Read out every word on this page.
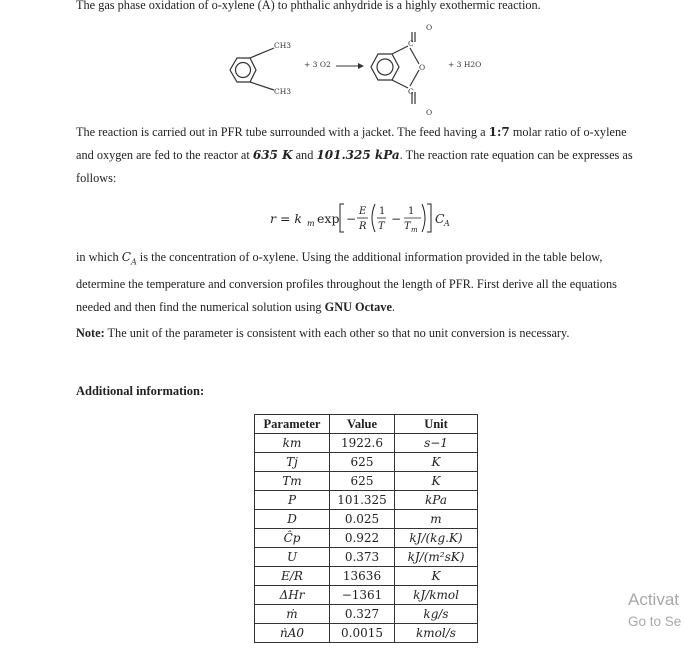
The gas phase oxidation of o-xylene (A) to phthalic anhydride is a highly exothermic reaction.
CH3
CH3
+ 3 O2
O
C
O
C
O
+ 3 H2O
The reaction is carried out in PFR tube surrounded with a jacket. The feed having a 1:7 molar ratio of o-xylene and oxygen are fed to the reactor at 635 K and 101.325 kPa. The reaction rate equation can be expresses as follows:
r = k m exp −
E
R
1
T
−
1
T m
C A
in which $C_A$ is the concentration of o-xylene. Using the additional information provided in the table below, determine the temperature and conversion profiles throughout the length of PFR. First derive all the equations needed and then find the numerical solution using GNU Octave.
Note: The unit of the parameter is consistent with each other so that no unit conversion is necessary.
Additional information:
Parameter	Value	Unit
km	1922.6	s−1
Tj	625	K
Tm	625	K
P	101.325	kPa
D	0.025	m
Ĉp	0.922	kJ/(kg.K)
U	0.373	kJ/(m²sK)
E/R	13636	K
ΔHr	−1361	kJ/kmol
ṁ	0.327	kg/s
ṅA0	0.0015	kmol/s
Activat
Go to Se
